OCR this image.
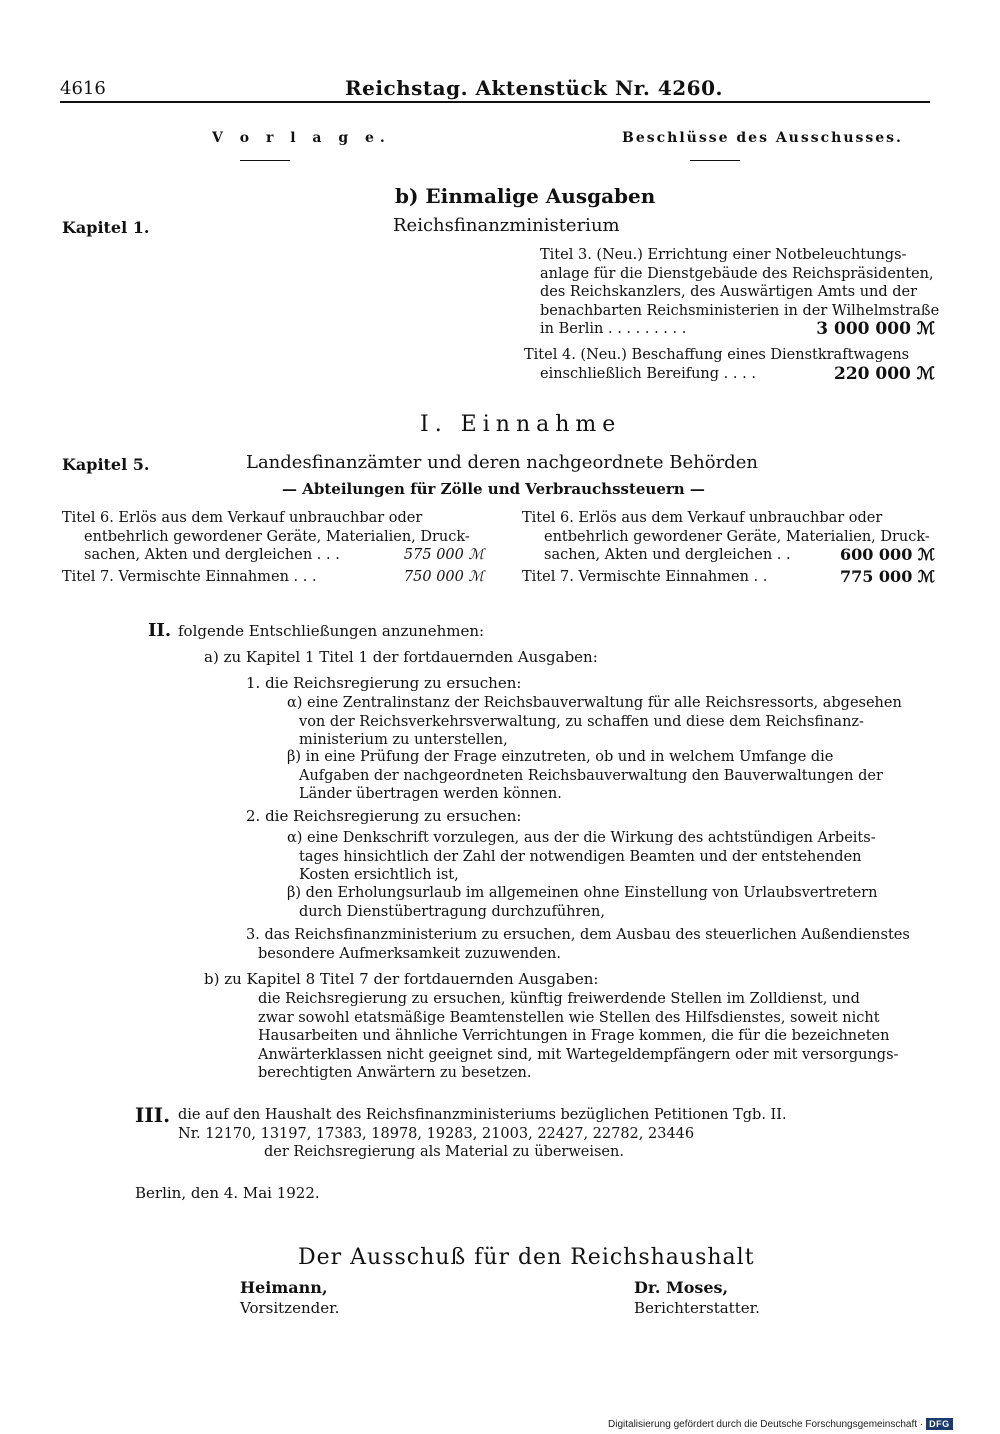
4616	Reichstag. Aktenstück Nr. 4260.
V o r l a g e.	Beschlüsse des Ausschusses.
b) Einmalige Ausgaben
Kapitel 1.	Reichsfinanzministerium
Titel 3. (Neu.) Errichtung einer Notbeleuchtungs-
anlage für die Dienstgebäude des Reichspräsidenten,
des Reichskanzlers, des Auswärtigen Amts und der
benachbarten Reichsministerien in der Wilhelmstraße
in Berlin . . . . . . . . .	3 000 000 ℳ
Titel 4. (Neu.) Beschaffung eines Dienstkraftwagens
einschließlich Bereifung . . . .	220 000 ℳ
I. Einnahme
Kapitel 5.	Landesfinanzämter und deren nachgeordnete Behörden
— Abteilungen für Zölle und Verbrauchssteuern —
Titel 6. Erlös aus dem Verkauf unbrauchbar oder
entbehrlich gewordener Geräte, Materialien, Druck-
sachen, Akten und dergleichen . . .	575 000 ℳ
Titel 7. Vermischte Einnahmen . . .	750 000 ℳ
Titel 6. Erlös aus dem Verkauf unbrauchbar oder
entbehrlich gewordener Geräte, Materialien, Druck-
sachen, Akten und dergleichen . .	600 000 ℳ
Titel 7. Vermischte Einnahmen . .	775 000 ℳ
II. folgende Entschließungen anzunehmen:
a) zu Kapitel 1 Titel 1 der fortdauernden Ausgaben:
1. die Reichsregierung zu ersuchen:
α) eine Zentralinstanz der Reichsbauverwaltung für alle Reichsressorts, abgesehen
von der Reichsverkehrsverwaltung, zu schaffen und diese dem Reichsfinanz-
ministerium zu unterstellen,
β) in eine Prüfung der Frage einzutreten, ob und in welchem Umfange die
Aufgaben der nachgeordneten Reichsbauverwaltung den Bauverwaltungen der
Länder übertragen werden können.
2. die Reichsregierung zu ersuchen:
α) eine Denkschrift vorzulegen, aus der die Wirkung des achtstündigen Arbeits-
tages hinsichtlich der Zahl der notwendigen Beamten und der entstehenden
Kosten ersichtlich ist,
β) den Erholungsurlaub im allgemeinen ohne Einstellung von Urlaubsvertretern
durch Dienstübertragung durchzuführen,
3. das Reichsfinanzministerium zu ersuchen, dem Ausbau des steuerlichen Außendienstes
besondere Aufmerksamkeit zuzuwenden.
b) zu Kapitel 8 Titel 7 der fortdauernden Ausgaben:
die Reichsregierung zu ersuchen, künftig freiwerdende Stellen im Zolldienst, und
zwar sowohl etatsmäßige Beamtenstellen wie Stellen des Hilfsdienstes, soweit nicht
Hausarbeiten und ähnliche Verrichtungen in Frage kommen, die für die bezeichneten
Anwärterklassen nicht geeignet sind, mit Wartegeldempfängern oder mit versorgungs-
berechtigten Anwärtern zu besetzen.
III. die auf den Haushalt des Reichsfinanzministeriums bezüglichen Petitionen Tgb. II.
Nr. 12170, 13197, 17383, 18978, 19283, 21003, 22427, 22782, 23446
der Reichsregierung als Material zu überweisen.
Berlin, den 4. Mai 1922.
Der Ausschuß für den Reichshaushalt
Heimann,
Vorsitzender.
Dr. Moses,
Berichterstatter.
Digitalisierung gefördert durch die Deutsche Forschungsgemeinschaft · DFG
